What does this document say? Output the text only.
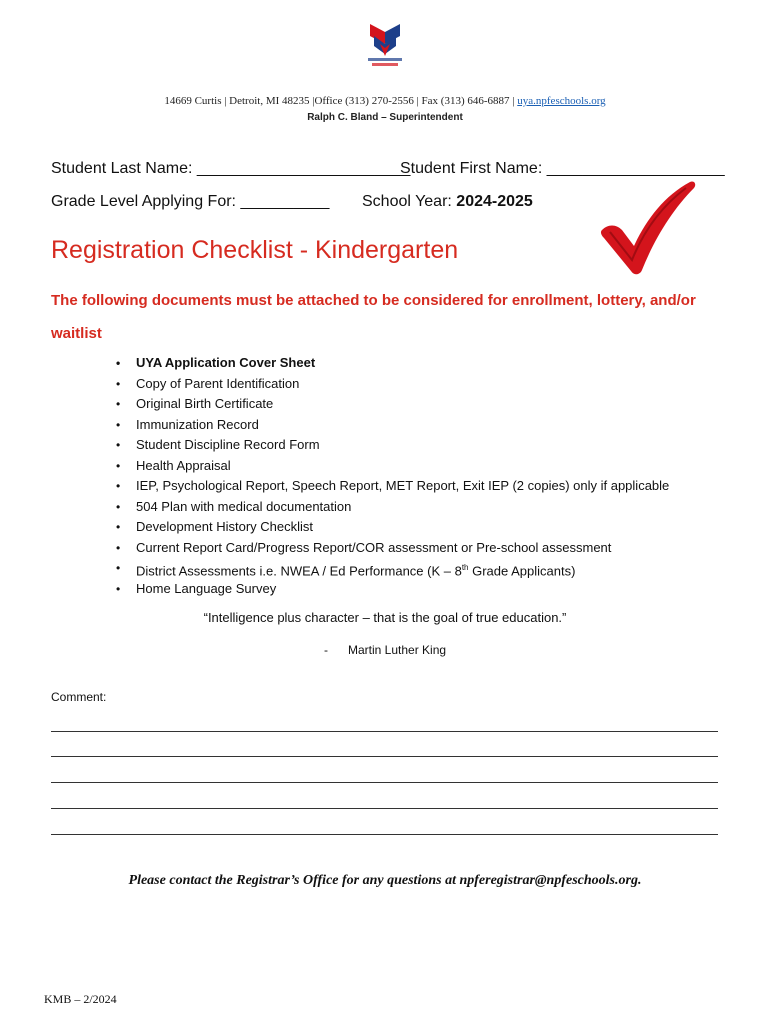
14669 Curtis | Detroit, MI 48235 |Office (313) 270-2556 | Fax (313) 646-6887 | uya.npfeschools.org
Ralph C. Bland – Superintendent
Student Last Name: ________________________
Student First Name: ____________________
Grade Level Applying For: __________ School Year: 2024-2025
Registration Checklist - Kindergarten
The following documents must be attached to be considered for enrollment, lottery, and/or waitlist
• UYA Application Cover Sheet
• Copy of Parent Identification
• Original Birth Certificate
• Immunization Record
• Student Discipline Record Form
• Health Appraisal
• IEP, Psychological Report, Speech Report, MET Report, Exit IEP (2 copies) only if applicable
• 504 Plan with medical documentation
• Development History Checklist
• Current Report Card/Progress Report/COR assessment or Pre-school assessment
• District Assessments i.e. NWEA / Ed Performance (K – 8th Grade Applicants)
• Home Language Survey
“Intelligence plus character – that is the goal of true education.”
- Martin Luther King
Comment:
Please contact the Registrar’s Office for any questions at npferegistrar@npfeschools.org.
KMB – 2/2024
